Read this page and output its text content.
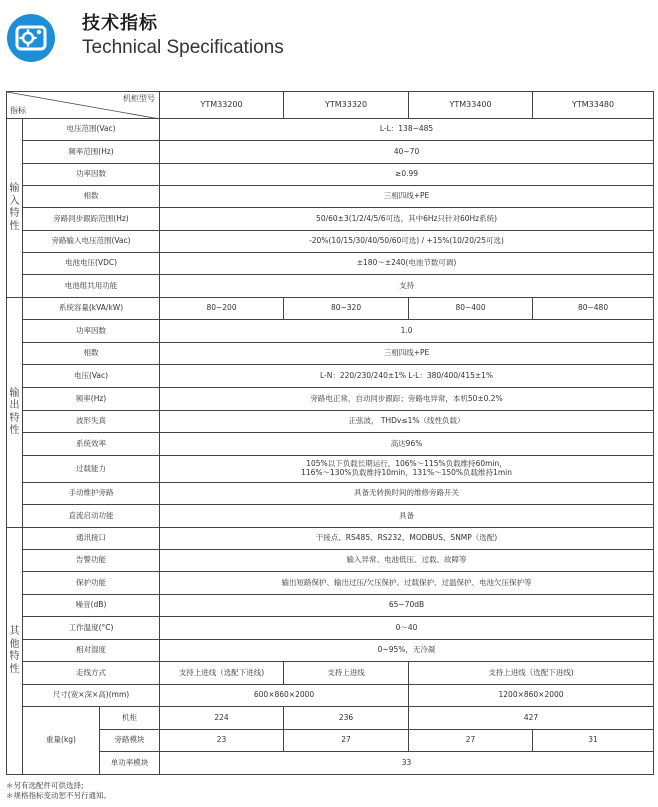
技术指标
Technical Specifications
机柜型号
指标			YTM33200	YTM33320	YTM33400	YTM33480

输
入
特
性	电压范围(Vac)		L-L：138~485			
	频率范围(Hz)		40~70			
	功率因数		≥0.99			
	相数		三相四线+PE			
	旁路同步跟踪范围(Hz)		50/60±3(1/2/4/5/6可选，其中6Hz只针对60Hz系统)			
	旁路输入电压范围(Vac)		-20%(10/15/30/40/50/60可选) / +15%(10/20/25可选)			
	电池电压(VDC)		±180～±240(电池节数可调)			
	电池组共用功能		支持			

输
出
特
性	系统容量(kVA/kW)		80~200	80~320	80~400	80~480
	功率因数		1.0			
	相数		三相四线+PE			
	电压(Vac)		L-N：220/230/240±1% L-L：380/400/415±1%			
	频率(Hz)		旁路电正常，自动同步跟踪；旁路电异常，本机50±0.2%			
	波形失真		正弦波， THDv≤1%（线性负载）			
	系统效率		高达96%			
	过载能力		105%以下负载长期运行，106%～115%负载维持60min，
116%～130%负载维持10min，131%～150%负载维持1min			

	手动维护旁路		具备无转换时间的维修旁路开关			
	直流启动功能		具备			

其
他
特
性	通讯接口		干接点、RS485、RS232、MODBUS、SNMP（选配)			
	告警功能		输入异常、电池低压、过载、故障等			
	保护功能		输出短路保护、输出过压/欠压保护、过载保护、过温保护、电池欠压保护等			
	噪音(dB)		65~70dB			
	工作温度(°C)		0～40			
	相对湿度		0~95%，无冷凝			
	走线方式		支持上进线（选配下进线)	支持上进线	支持上进线（选配下进线)	
	尺寸(宽×深×高)(mm)		600×860×2000		1200×860×2000	
	重量(kg)	机柜	224	236	427	
		旁路模块	23	27	27	31
		单功率模块	33			
＊另有选配件可供选择;
＊规格指标变动恕不另行通知。
